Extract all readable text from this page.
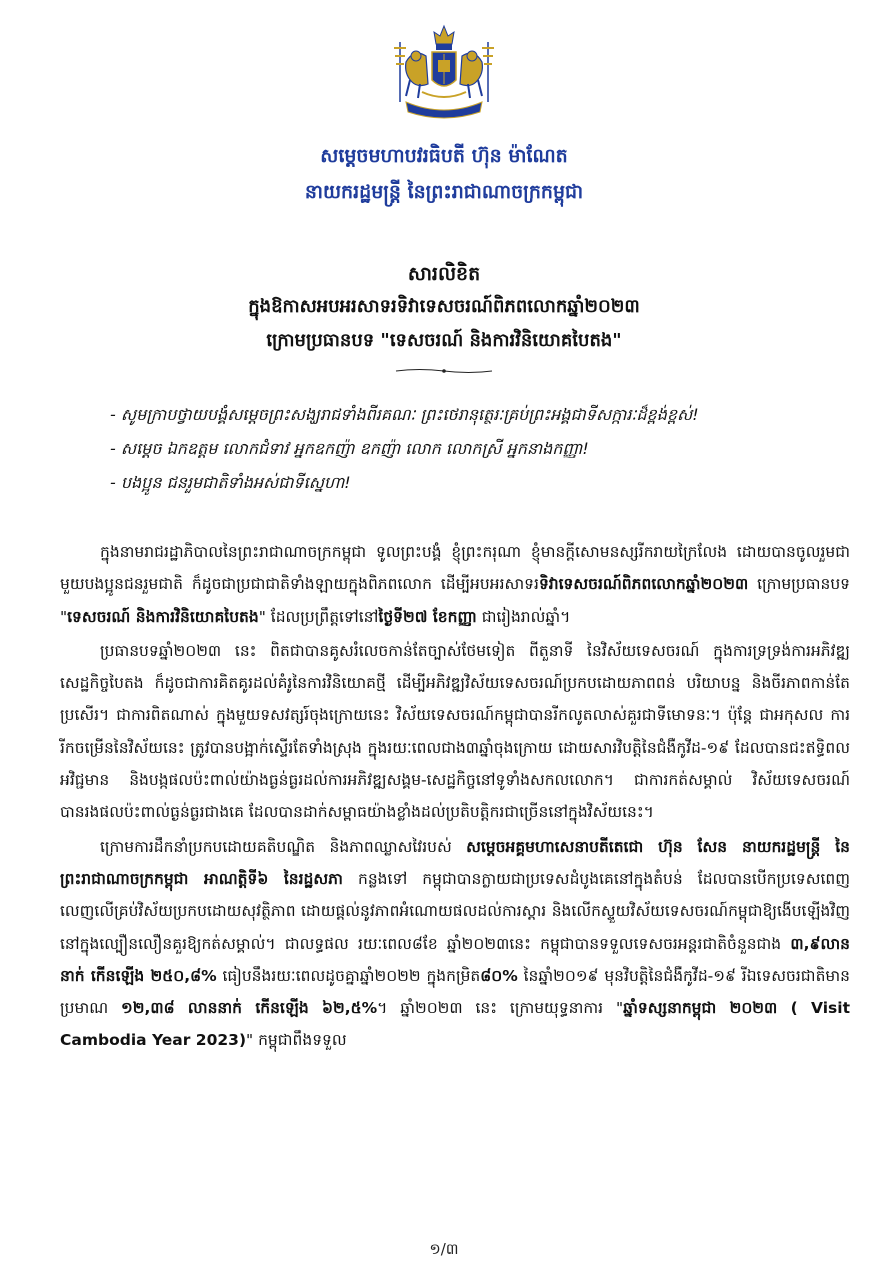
សម្ដេចមហាបវរធិបតី ហ៊ុន ម៉ាណែត
នាយករដ្ឋមន្ត្រី នៃព្រះរាជាណាចក្រកម្ពុជា
សារលិខិត
ក្នុងឱកាសអបអរសាទរទិវាទេសចរណ៍ពិភពលោកឆ្នាំ២០២៣
ក្រោមប្រធានបទ "ទេសចរណ៍ និងការវិនិយោគបៃតង"
- សូមក្រាបថ្វាយបង្គំសម្ដេចព្រះសង្ឃរាជទាំងពីរគណៈ ព្រះថេរានុត្ថេរៈគ្រប់ព្រះអង្គជាទីសក្ការៈដ៏ខ្ពង់ខ្ពស់!
- សម្ដេច ឯកឧត្ដម លោកជំទាវ អ្នកឧកញ៉ា ឧកញ៉ា លោក លោកស្រី អ្នកនាងកញ្ញា!
- បងប្អូន ជនរួមជាតិទាំងអស់ជាទីស្នេហា!

ក្នុងនាមរាជរដ្ឋាភិបាលនៃព្រះរាជាណាចក្រកម្ពុជា ទូលព្រះបង្គំ ខ្ញុំព្រះករុណា ខ្ញុំមានក្ដីសោមនស្សរីករាយក្រៃលែង ដោយបានចូលរួមជាមួយបងប្អូនជនរួមជាតិ ក៏ដូចជាប្រជាជាតិទាំងឡាយក្នុងពិភពលោក ដើម្បីអបអរសាទរទិវាទេសចរណ៍ពិភពលោកឆ្នាំ២០២៣ ក្រោមប្រធានបទ "ទេសចរណ៍ និងការវិនិយោគបៃតង" ដែលប្រព្រឹត្តទៅនៅថ្ងៃទី២៧ ខែកញ្ញា ជារៀងរាល់ឆ្នាំ។

ប្រធានបទឆ្នាំ២០២៣ នេះ ពិតជាបានគូសរំលេចកាន់តែច្បាស់ថែមទៀត ពីតួនាទី នៃវិស័យទេសចរណ៍ ក្នុងការទ្រទ្រង់ការអភិវឌ្ឍសេដ្ឋកិច្ចបៃតង ក៏ដូចជាការគិតគូរដល់គំរូនៃការវិនិយោគថ្មី ដើម្បីអភិវឌ្ឍវិស័យទេសចរណ៍ប្រកបដោយភាពពន់ បរិយាបន្ន និងចីរភាពកាន់តែប្រសើរ។ ជាការពិតណាស់ ក្នុងមួយទសវត្សរ៍ចុងក្រោយនេះ វិស័យទេសចរណ៍កម្ពុជាបានរីកលូតលាស់គួរជាទីមោទនៈ។ ប៉ុន្តែ ជាអកុសល ការរីកចម្រើននៃវិស័យនេះ ត្រូវបានបង្អាក់ស្ទើរតែទាំងស្រុង ក្នុងរយៈពេលជាង៣ឆ្នាំចុងក្រោយ ដោយសារវិបត្តិនៃជំងឺកូវីដ-១៩ ដែលបានជះឥទ្ធិពលអវិជ្ជមាន និងបង្កផលប៉ះពាល់យ៉ាងធ្ងន់ធ្ងរដល់ការអភិវឌ្ឍសង្គម-សេដ្ឋកិច្ចនៅទូទាំងសកលលោក។ ជាការកត់សម្គាល់ វិស័យទេសចរណ៍ បានរងផលប៉ះពាល់ធ្ងន់ធ្ងរជាងគេ ដែលបានដាក់សម្ពាធយ៉ាងខ្លាំងដល់ប្រតិបត្តិករជាច្រើននៅក្នុងវិស័យនេះ។

ក្រោមការដឹកនាំប្រកបដោយគតិបណ្ឌិត និងភាពឈ្លាសវៃរបស់ សម្ដេចអគ្គមហាសេនាបតីតេជោ ហ៊ុន សែន នាយករដ្ឋមន្ត្រី នៃព្រះរាជាណាចក្រកម្ពុជា អាណត្តិទី៦ នៃរដ្ឋសភា កន្លងទៅ កម្ពុជាបានក្លាយជាប្រទេសដំបូងគេនៅក្នុងតំបន់ ដែលបានបើកប្រទេសពេញលេញលើគ្រប់វិស័យប្រកបដោយសុវត្ថិភាព ដោយផ្ដល់នូវភាពអំណោយផលដល់ការស្ដារ និងលើកស្ទួយវិស័យទេសចរណ៍កម្ពុជាឱ្យងើបឡើងវិញនៅក្នុងល្បឿនលឿនគួរឱ្យកត់សម្គាល់។ ជាលទ្ធផល រយៈពេល៨ខែ ឆ្នាំ២០២៣នេះ កម្ពុជាបានទទួលទេសចរអន្តរជាតិចំនួនជាង ៣,៩លាននាក់ កើនឡើង ២៥០,៨% ធៀបនឹងរយៈពេលដូចគ្នាឆ្នាំ២០២២ ក្នុងកម្រិត៨០% នៃឆ្នាំ២០១៩ មុនវិបត្តិនៃជំងឺកូវីដ-១៩ រីឯទេសចរជាតិមានប្រមាណ ១២,៣៨ លាននាក់ កើនឡើង ៦២,៥%។ ឆ្នាំ២០២៣ នេះ ក្រោមយុទ្ធនាការ "ឆ្នាំទស្សនាកម្ពុជា ២០២៣ ( Visit Cambodia Year 2023)" កម្ពុជាពឹងទទួល

១/៣
